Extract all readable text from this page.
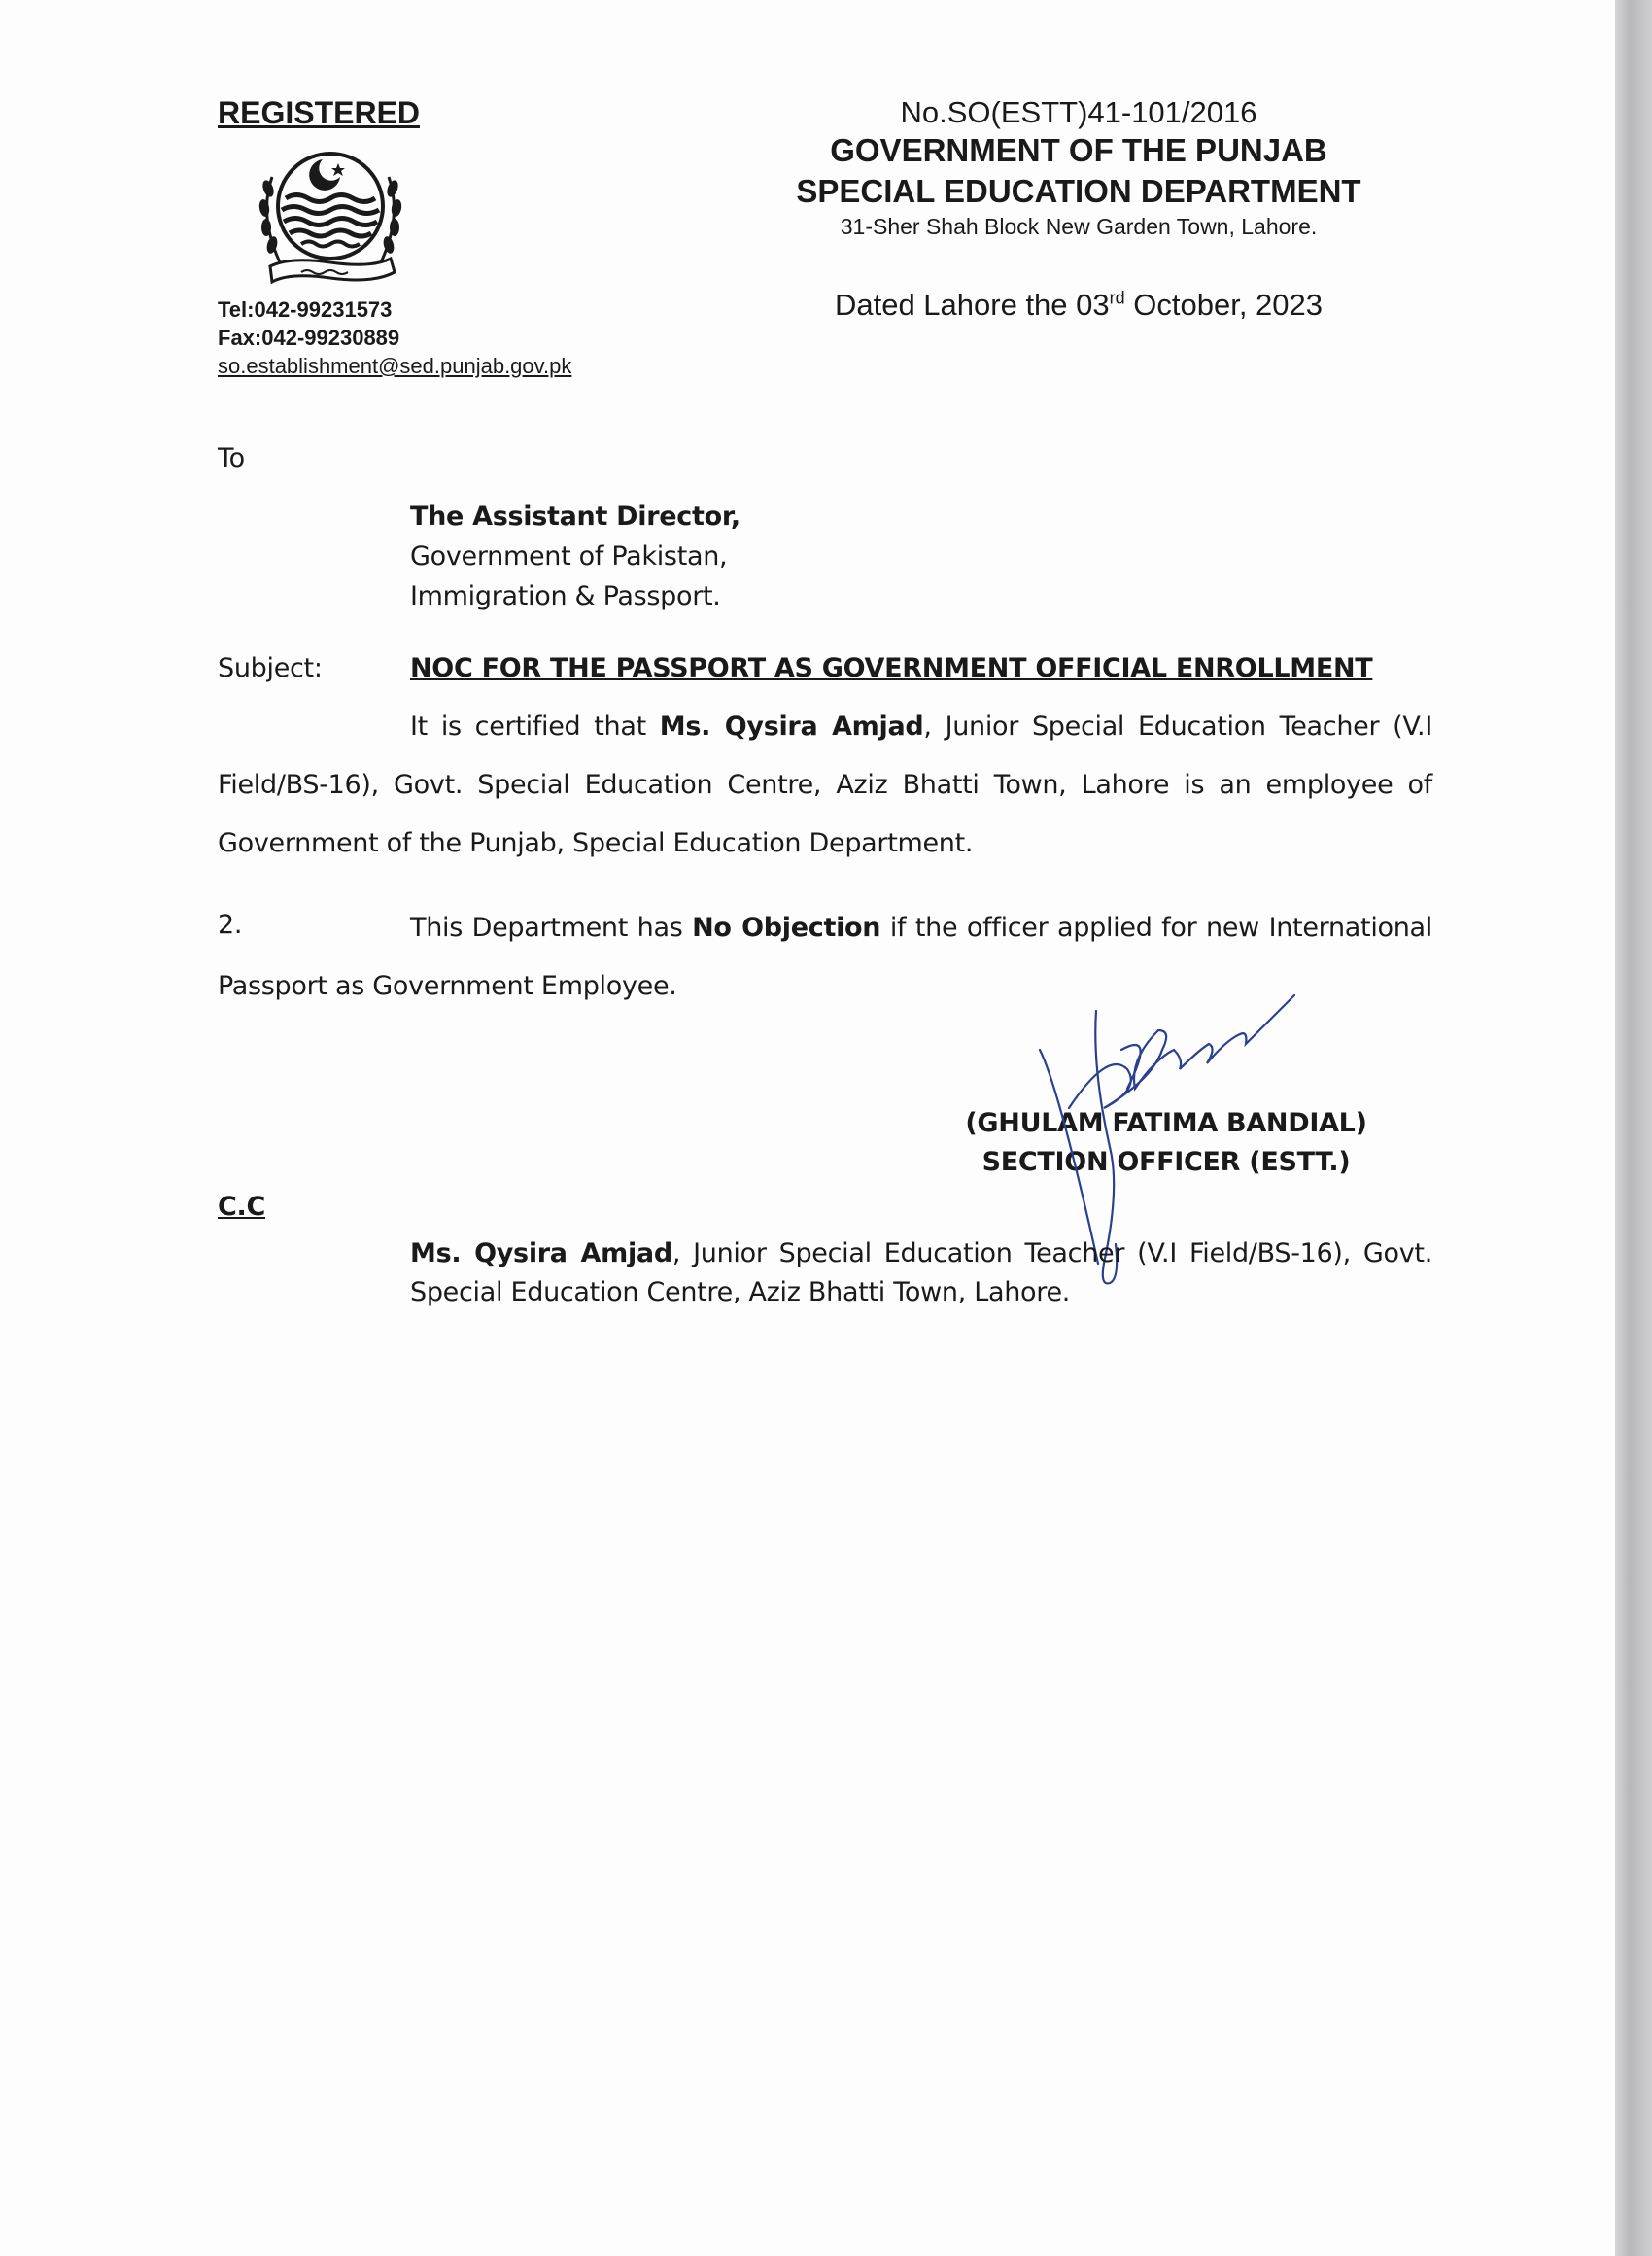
REGISTERED
Tel:042-99231573
Fax:042-99230889
so.establishment@sed.punjab.gov.pk
No.SO(ESTT)41-101/2016
GOVERNMENT OF THE PUNJAB
SPECIAL EDUCATION DEPARTMENT
31-Sher Shah Block New Garden Town, Lahore.
Dated Lahore the 03rd October, 2023
To
The Assistant Director,
Government of Pakistan,
Immigration & Passport.
Subject:	NOC FOR THE PASSPORT AS GOVERNMENT OFFICIAL ENROLLMENT
It is certified that Ms. Qysira Amjad, Junior Special Education Teacher (V.I Field/BS-16), Govt. Special Education Centre, Aziz Bhatti Town, Lahore is an employee of Government of the Punjab, Special Education Department.
2.	This Department has No Objection if the officer applied for new International Passport as Government Employee.
(GHULAM FATIMA BANDIAL)
SECTION OFFICER (ESTT.)
C.C
Ms. Qysira Amjad, Junior Special Education Teacher (V.I Field/BS-16), Govt. Special Education Centre, Aziz Bhatti Town, Lahore.
